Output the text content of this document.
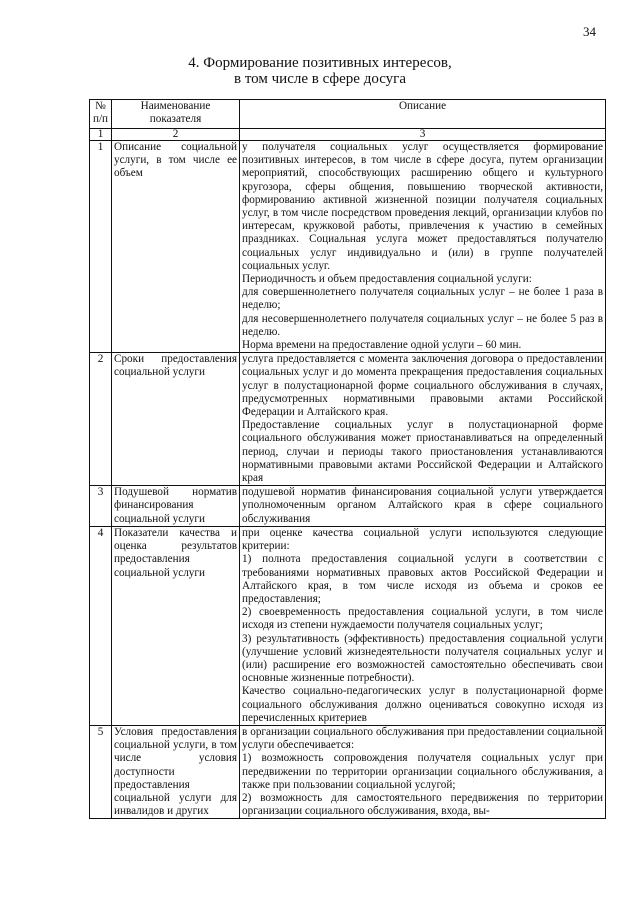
34
4. Формирование позитивных интересов,
в том числе в сфере досуга
№ п/п	Наименование показателя	Описание
1	2	3
1	Описание социальной услуги, в том числе ее объем	у получателя социальных услуг осуществляется формирование позитивных интересов, в том числе в сфере досуга, путем организации мероприятий, способствующих расширению общего и культурного кругозора, сферы общения, повышению творческой активности, формированию активной жизненной позиции получателя социальных услуг, в том числе посредством проведения лекций, организации клубов по интересам, кружковой работы, привлечения к участию в семейных праздниках. Социальная услуга может предоставляться получателю социальных услуг индивидуально и (или) в группе получателей социальных услуг.
Периодичность и объем предоставления социальной услуги:
для совершеннолетнего получателя социальных услуг – не более 1 раза в неделю;
для несовершеннолетнего получателя социальных услуг – не более 5 раз в неделю.
Норма времени на предоставление одной услуги – 60 мин.

2	Сроки предоставления социальной услуги	услуга предоставляется с момента заключения договора о предоставлении социальных услуг и до момента прекращения предоставления социальных услуг в полустационарной форме социального обслуживания в случаях, предусмотренных нормативными правовыми актами Российской Федерации и Алтайского края.
Предоставление социальных услуг в полустационарной форме социального обслуживания может приостанавливаться на определенный период, случаи и периоды такого приостановления устанавливаются нормативными правовыми актами Российской Федерации и Алтайского края

3	Подушевой норматив финансирования социальной услуги	подушевой норматив финансирования социальной услуги утверждается уполномоченным органом Алтайского края в сфере социального обслуживания

4	Показатели качества и оценка результатов предоставления социальной услуги	при оценке качества социальной услуги используются следующие критерии:
1) полнота предоставления социальной услуги в соответствии с требованиями нормативных правовых актов Российской Федерации и Алтайского края, в том числе исходя из объема и сроков ее предоставления;
2) своевременность предоставления социальной услуги, в том числе исходя из степени нуждаемости получателя социальных услуг;
3) результативность (эффективность) предоставления социальной услуги (улучшение условий жизнедеятельности получателя социальных услуг и (или) расширение его возможностей самостоятельно обеспечивать свои основные жизненные потребности).
Качество социально-педагогических услуг в полустационарной форме социального обслуживания должно оцениваться совокупно исходя из перечисленных критериев

5	Условия предоставления социальной услуги, в том числе условия доступности предоставления социальной услуги для инвалидов и других	в организации социального обслуживания при предоставлении социальной услуги обеспечивается:
1) возможность сопровождения получателя социальных услуг при передвижении по территории организации социального обслуживания, а также при пользовании социальной услугой;
2) возможность для самостоятельного передвижения по территории организации социального обслуживания, входа, вы-
